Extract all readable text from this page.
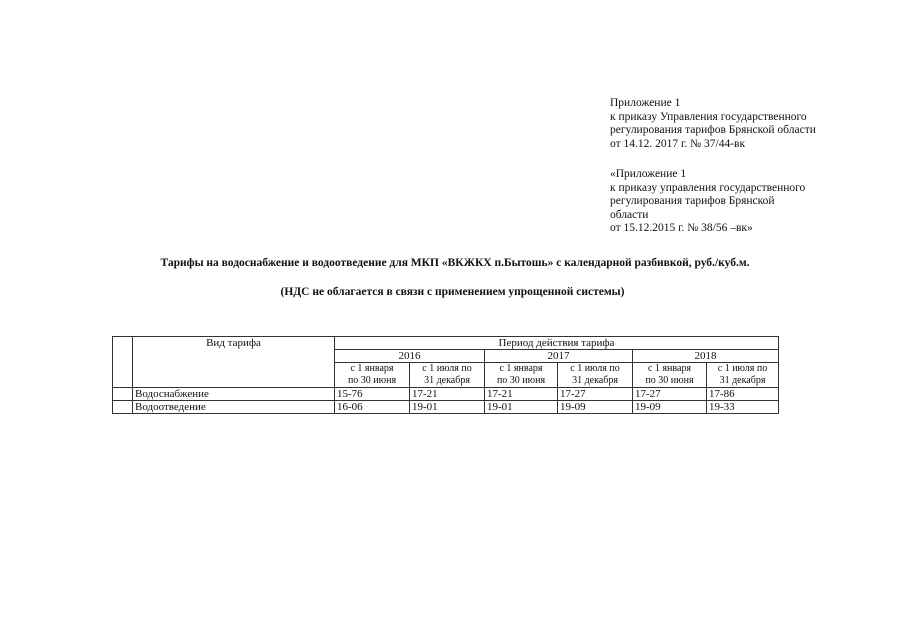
Приложение 1
к приказу Управления государственного
регулирования тарифов Брянской области
от 14.12. 2017 г. № 37/44-вк
«Приложение 1
к приказу управления государственного
регулирования тарифов Брянской
области
от 15.12.2015 г. № 38/56 –вк»
Тарифы на водоснабжение и водоотведение для МКП «ВКЖКХ п.Бытошь» с календарной разбивкой, руб./куб.м.
(НДС не облагается в связи с применением упрощенной системы)
	Вид тарифа	Период действия тарифа					
		2016		2017		2018	
		с 1 января
по 30 июня	с 1 июля по
31 декабря	с 1 января
по 30 июня	с 1 июля по
31 декабря	с 1 января
по 30 июня	с 1 июля по
31 декабря
	Водоснабжение	15-76	17-21	17-21	17-27	17-27	17-86
	Водоотведение	16-06	19-01	19-01	19-09	19-09	19-33
